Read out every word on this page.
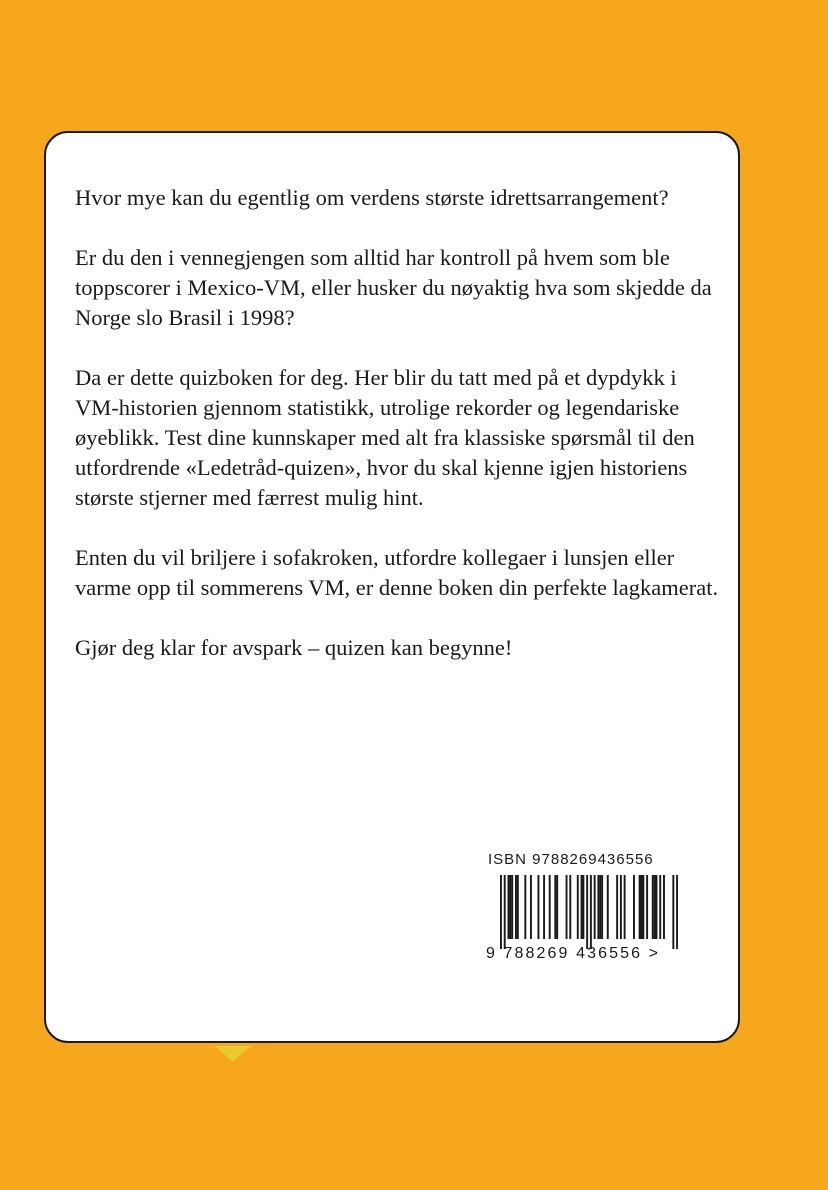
Hvor mye kan du egentlig om verdens største idrettsarrangement?

Er du den i vennegjengen som alltid har kontroll på hvem som ble toppscorer i Mexico-VM, eller husker du nøyaktig hva som skjedde da Norge slo Brasil i 1998?

Da er dette quizboken for deg. Her blir du tatt med på et dypdykk i VM-historien gjennom statistikk, utrolige rekorder og legendariske øyeblikk. Test dine kunnskaper med alt fra klassiske spørsmål til den utfordrende «Ledetråd-quizen», hvor du skal kjenne igjen historiens største stjerner med færrest mulig hint.

Enten du vil briljere i sofakroken, utfordre kollegaer i lunsjen eller varme opp til sommerens VM, er denne boken din perfekte lagkamerat.

Gjør deg klar for avspark – quizen kan begynne!

ISBN 9788269436556
9 788269 436556 >
